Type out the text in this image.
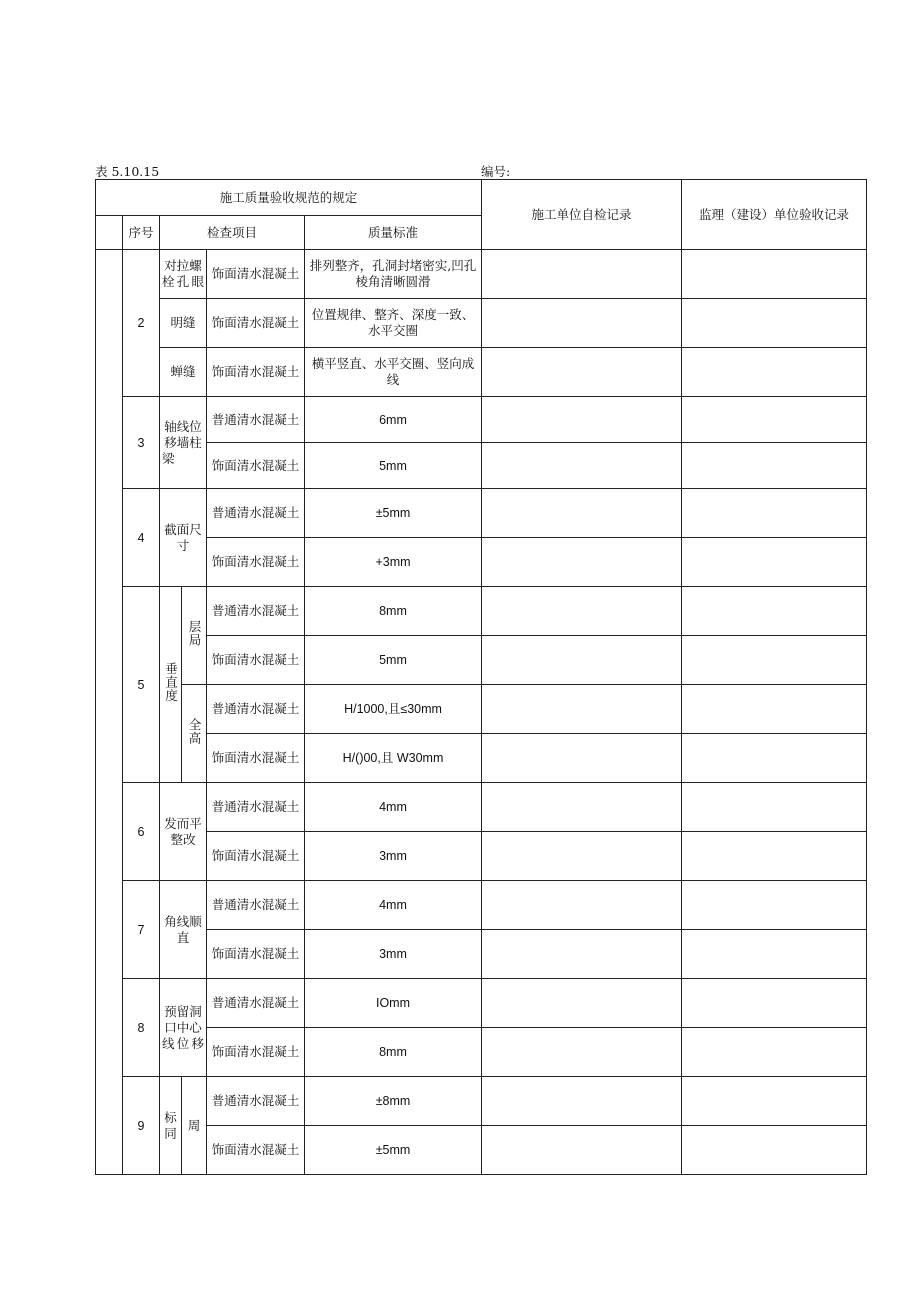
表 5.10.15	编号:
施工质量验收规范的规定						施工单位自检记录	监理（建设）单位验收记录
	序号	检查项目			质量标准		
	2	对拉螺栓孔眼		饰面清水混凝土	排列整齐，孔洞封堵密实,凹孔棱角清晰圆滑		
		明缝		饰面清水混凝土	位置规律、整齐、深度一致、水平交圈		
		蝉缝		饰面清水混凝土	横平竖直、水平交圈、竖向成线		
	3	轴线位移墙柱梁		普通清水混凝土	6mm		
				饰面清水混凝土	5mm		
	4	截面尺寸		普通清水混凝土	±5mm		
				饰面清水混凝土	+3mm		
	5	垂直度	层局	普通清水混凝土	8mm		
				饰面清水混凝土	5mm		
			全高	普通清水混凝土	H/1000,且≤30mm		
				饰面清水混凝土	H/()00,且 W30mm		
	6	发而平整改		普通清水混凝土	4mm		
				饰面清水混凝土	3mm		
	7	角线顺直		普通清水混凝土	4mm		
				饰面清水混凝土	3mm		
	8	预留洞口中心线位移		普通清水混凝土	IOmm		
				饰面清水混凝土	8mm		
	9	标同	周	普通清水混凝土	±8mm		
				饰面清水混凝土	±5mm		
